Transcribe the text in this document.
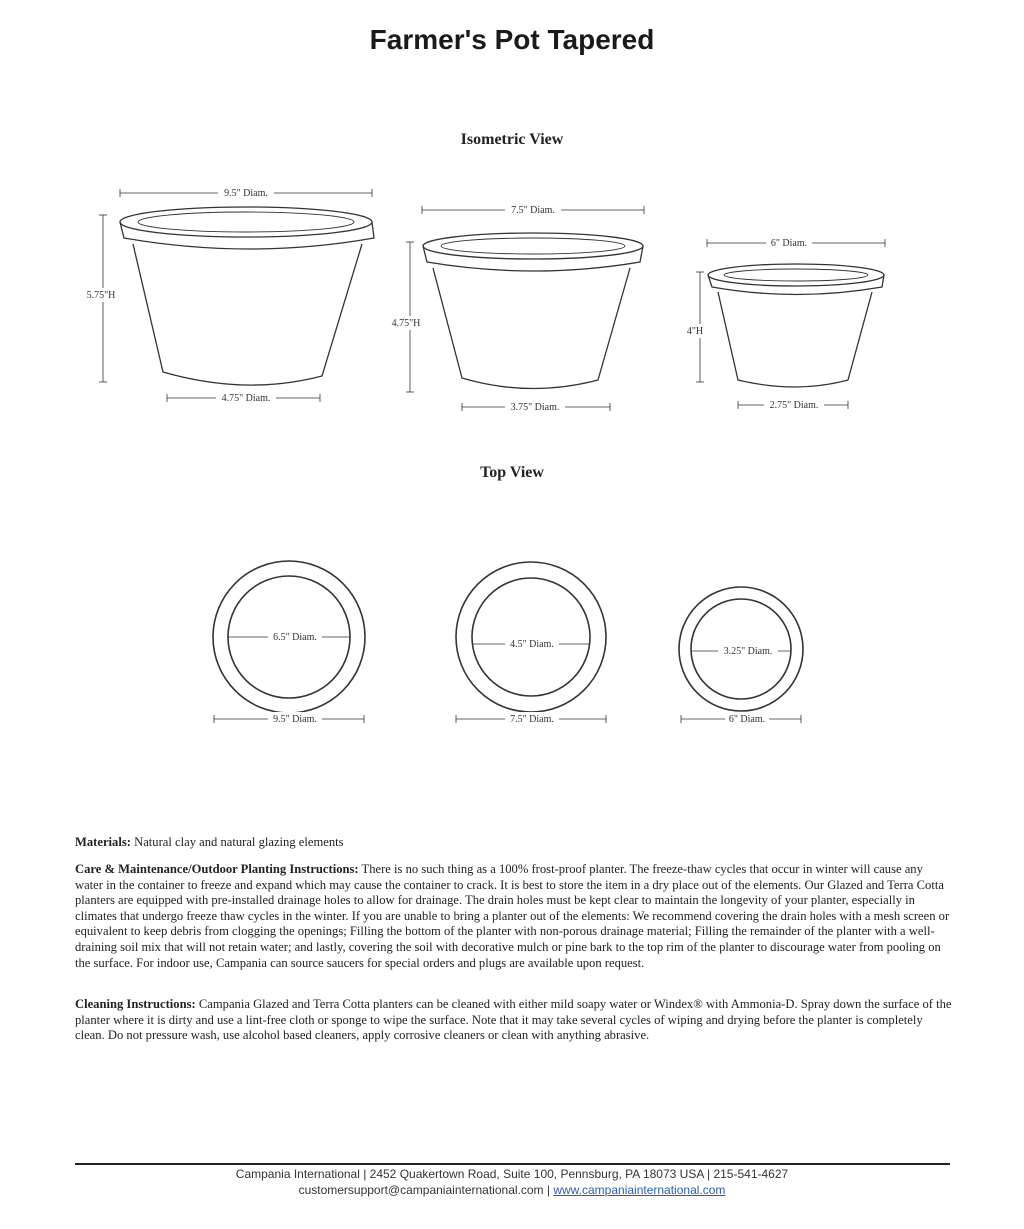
Farmer's Pot Tapered
Isometric View
Top View
9.5" Diam.
5.75"H
4.75" Diam.
7.5" Diam.
4.75"H
3.75" Diam.
6" Diam.
4"H
2.75" Diam.
6.5" Diam.
9.5" Diam.
4.5" Diam.
7.5" Diam.
3.25" Diam.
6" Diam.
Materials: Natural clay and natural glazing elements
Care & Maintenance/Outdoor Planting Instructions: There is no such thing as a 100% frost-proof planter. The freeze-thaw cycles that occur in winter will cause any water in the container to freeze and expand which may cause the container to crack. It is best to store the item in a dry place out of the elements. Our Glazed and Terra Cotta planters are equipped with pre-installed drainage holes to allow for drainage. The drain holes must be kept clear to maintain the longevity of your planter, especially in climates that undergo freeze thaw cycles in the winter. If you are unable to bring a planter out of the elements: We recommend covering the drain holes with a mesh screen or equivalent to keep debris from clogging the openings; Filling the bottom of the planter with non-porous drainage material; Filling the remainder of the planter with a well-draining soil mix that will not retain water; and lastly, covering the soil with decorative mulch or pine bark to the top rim of the planter to discourage water from pooling on the surface. For indoor use, Campania can source saucers for special orders and plugs are available upon request.
Cleaning Instructions: Campania Glazed and Terra Cotta planters can be cleaned with either mild soapy water or Windex® with Ammonia-D. Spray down the surface of the planter where it is dirty and use a lint-free cloth or sponge to wipe the surface. Note that it may take several cycles of wiping and drying before the planter is completely clean. Do not pressure wash, use alcohol based cleaners, apply corrosive cleaners or clean with anything abrasive.
Campania International | 2452 Quakertown Road, Suite 100, Pennsburg, PA 18073 USA | 215-541-4627
customersupport@campaniainternational.com | www.campaniainternational.com
